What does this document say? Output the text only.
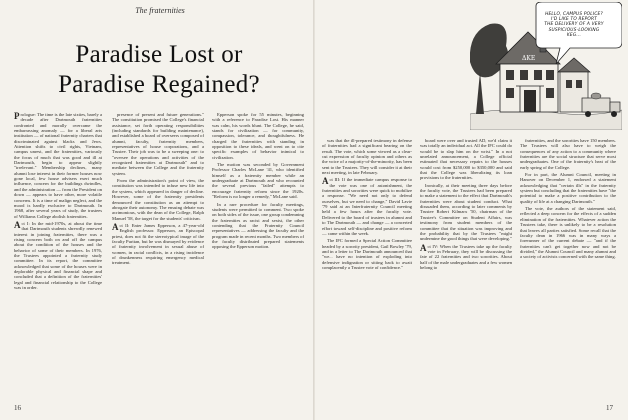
The fraternities
Paradise Lost or
Paradise Regained?

Prologue: The time is the late sixties, barely a decade after Dartmouth fraternities confronted and morally overcame the embarrassing anomaly — for a liberal arts institution — of national fraternity charters that discriminated against blacks and Jews. Attention shifts to civil rights, Vietnam, campus unrest, and the fraternities, variously the focus of much that was good and ill at Dartmouth, begin to appear slightly "irrelevant." Membership declines, many alumni lose interest in their former houses now gone local, few house advisers exert much influence, concern for the buildings dwindles, and the administration — from the President on down — appears to have other, more volatile concerns. It is a time of malign neglect, and the mood is hardly exclusive to Dartmouth. In 1968, after several years of study, the trustees of Williams College abolish fraternities.

Act I: In the mid-1970s, at about the time that Dartmouth students shrewdly renewed interest in joining fraternities, there was a rising concern both on and off the campus about the condition of the houses and the behavior of some of their members. In 1976, the Trustees appointed a fraternity study committee. In its report, the committee acknowledged that some of the houses were in deplorable physical and financial shape and concluded that a definition of the fraternities' legal and financial relationship to the College was in order.

presence of present and future generations." The constitution promised the College's financial assistance, set forth operating responsibilities (including standards for building maintenance), and established a board of overseers composed of alumni, faculty, fraternity members, representatives of house corporations, and a Trustee. Their job was to be a sweeping one: to "oversee the operations and activities of the recognized fraternities at Dartmouth" and to mediate between the College and the fraternity system.

From the administration's point of view, the constitution was intended to infuse new life into the system, which appeared in danger of decline. However, some of the fraternity presidents denounced the constitution as an attempt to abrogate their autonomy. The ensuing debate was acrimonious, with the dean of the College, Ralph Manuel '58, the target for the students' criticism.

Act II: Enter James Epperson, a 47-year-old English professor. Epperson, an Episcopal priest, does not fit the stereotypical image of the faculty Puritan, but he was dismayed by evidence of fraternity involvement in sexual abuse of women, in racial conflicts, in a rising incidence of drunkenness requiring emergency medical treatment.

Epperson spoke for 55 minutes, beginning with a reference to Paradise Lost. His manner was calm, his words blunt. The College, he said, stands for civilization — for community, compassion, tolerance, and thoughtfulness. He charged the fraternities with standing in opposition to these ideals, and went on to cite specific examples of behavior inimical to civilization.

The motion was seconded by Government Professor Charles McLane '41, who identified himself as a fraternity member while an undergraduate at Dartmouth and who recounted the several previous "failed" attempts to encourage fraternity reform since the 1920s. "Reform is no longer a remedy," McLane said.

In a rare procedure for faculty meetings, students were permitted to comment. Two spoke on both sides of the issue, one group condemning the fraternities as racist and sexist, the other contending that the Fraternity Council representatives — addressing the faculty and the program made in recent months. Two members of the faculty distributed prepared statements opposing the Epperson motion.

was that the ill-prepared testimony in defense of fraternities had a significant bearing on the result. The vote, which some viewed as a clear-cut expression of faculty opinion and others as the voice of a majority-of-the-minority, has been sent to the Trustees. They will consider it at their next meeting, in late February.

Act III: If the immediate campus response to the vote was one of astonishment, the fraternities and sororities were quick to mobilize a response. "We need not only to defend ourselves, but we need to change," David Lavie '79 said at an Interfraternity Council meeting held a few hours after the faculty vote. Delivered to the board of trustees in alumni and to The Dartmouth — and change — a concerted effort toward self-discipline and positive reform — came within the week.

The IFC formed a Special Action Committee headed by a sorority president, Gail Bowley '79, and in a letter to The Dartmouth announced that "we... have no intention of exploding into defensive indignation or sitting back to await complacently a Trustee vote of confidence."

board were over and trusted AD, we'd claim it was totally an individual act. All the IFC could do would be to slap him on the wrist." In a not unrelated announcement, a College official estimated that necessary repairs to the houses would cost from $250,000 to $350,000 and said that the College was liberalizing its loan provisions to the fraternities.

Ironically, at their meeting three days before the faculty vote, the Trustees had been prepared to make a statement to the effect that Dartmouth's fraternities were about student conduct. What dissuaded them, according to later comments by Trustee Robert Kilmarx '50, chairman of the Trustee's Committee on Student Affairs, was testimony from student members of the committee that the situation was improving and the probability that by the Trustees "might undermine the good things that were developing."

Act IV: When the Trustees take up the faculty vote in February, they will be discussing the fate of 22 fraternities and two sororities. About half of the male undergraduates and a few women belong to

fraternities, and the sororities have 150 members. The Trustees will also have to weigh the consequences of any action to a community where fraternities are the social structure that serve most undergraduates. One of the fraternity's heat of the early spring of the College.

For in part, the Alumni Council, meeting in Hanover on December 1, endorsed a statement acknowledging that "certain ills" in the fraternity system but concluding that the fraternities have "the potential to make a positive contribution to the quality of life at a changing Dartmouth."

The vote, the authors of the statement said, reflected a deep concern for the effects of a sudden elimination of the fraternities. Whatever action the Trustees take, there is unlikely to be a resolution that leaves all parties satisfied. Some recall that the faculty dean in 1966 was in many ways a forerunner of the current debate — "and if the fraternities can't get together now and not be divided," the Alumni Council and many alumni and a society of activists concerned with the same thing.

ΔΚΕ
HELLO, CAMPUS POLICE?
I'D LIKE TO REPORT
THE DELIVERY OF A VERY
SUSPICIOUS-LOOKING
KEG...
16	17
